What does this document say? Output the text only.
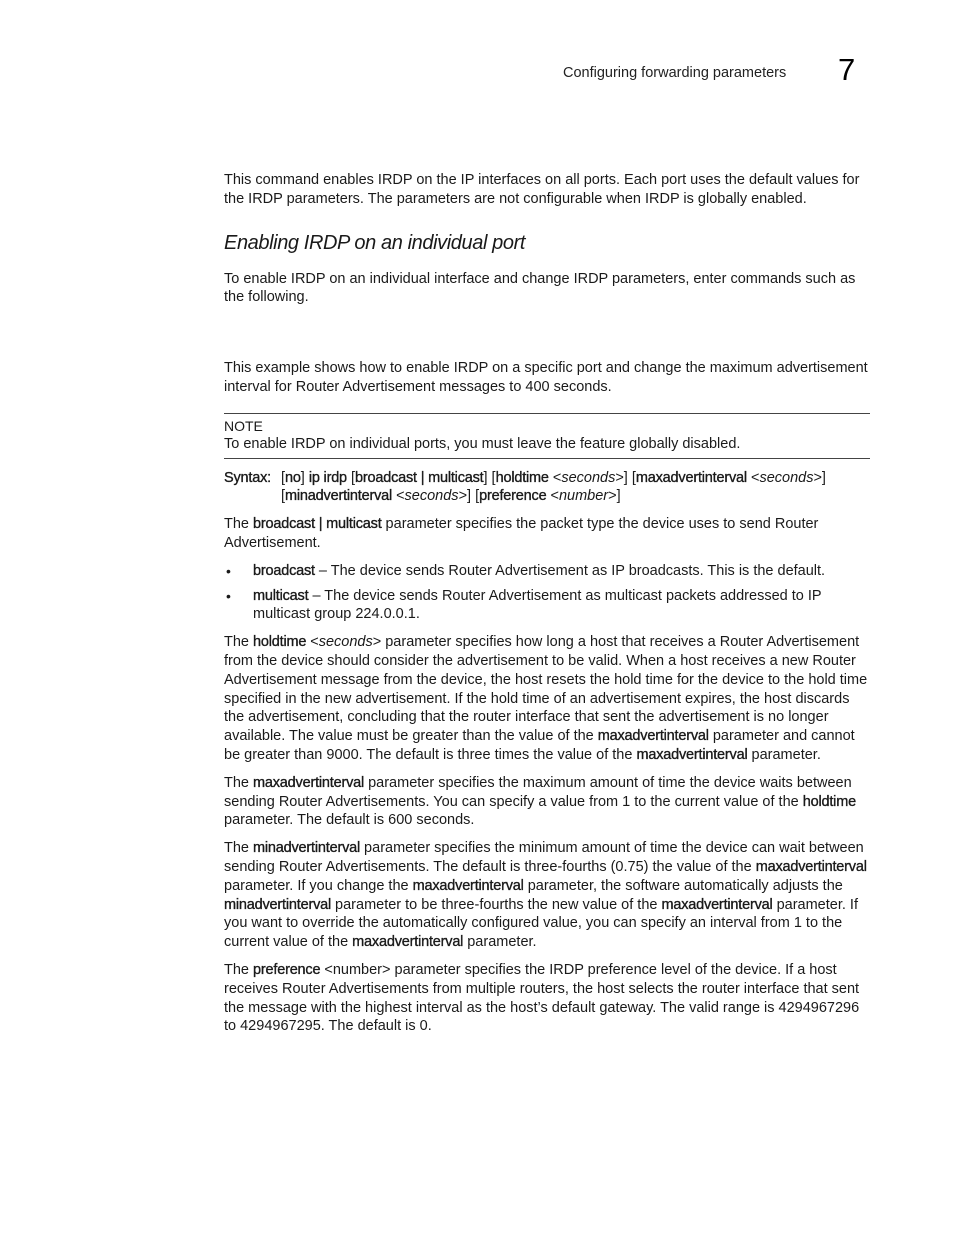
Configuring forwarding parameters 7

This command enables IRDP on the IP interfaces on all ports. Each port uses the default values for the IRDP parameters. The parameters are not configurable when IRDP is globally enabled.

Enabling IRDP on an individual port

To enable IRDP on an individual interface and change IRDP parameters, enter commands such as the following.

This example shows how to enable IRDP on a specific port and change the maximum advertisement interval for Router Advertisement messages to 400 seconds.

NOTE
To enable IRDP on individual ports, you must leave the feature globally disabled.
Syntax: [no] ip irdp [broadcast | multicast] [holdtime <seconds>] [maxadvertinterval <seconds>] [minadvertinterval <seconds>] [preference <number>]

The broadcast | multicast parameter specifies the packet type the device uses to send Router Advertisement.

• broadcast – The device sends Router Advertisement as IP broadcasts. This is the default.
• multicast – The device sends Router Advertisement as multicast packets addressed to IP multicast group 224.0.0.1.

The holdtime <seconds> parameter specifies how long a host that receives a Router Advertisement from the device should consider the advertisement to be valid. When a host receives a new Router Advertisement message from the device, the host resets the hold time for the device to the hold time specified in the new advertisement. If the hold time of an advertisement expires, the host discards the advertisement, concluding that the router interface that sent the advertisement is no longer available. The value must be greater than the value of the maxadvertinterval parameter and cannot be greater than 9000. The default is three times the value of the maxadvertinterval parameter.

The maxadvertinterval parameter specifies the maximum amount of time the device waits between sending Router Advertisements. You can specify a value from 1 to the current value of the holdtime parameter. The default is 600 seconds.

The minadvertinterval parameter specifies the minimum amount of time the device can wait between sending Router Advertisements. The default is three-fourths (0.75) the value of the maxadvertinterval parameter. If you change the maxadvertinterval parameter, the software automatically adjusts the minadvertinterval parameter to be three-fourths the new value of the maxadvertinterval parameter. If you want to override the automatically configured value, you can specify an interval from 1 to the current value of the maxadvertinterval parameter.

The preference <number> parameter specifies the IRDP preference level of the device. If a host receives Router Advertisements from multiple routers, the host selects the router interface that sent the message with the highest interval as the host’s default gateway. The valid range is 4294967296 to 4294967295. The default is 0.
